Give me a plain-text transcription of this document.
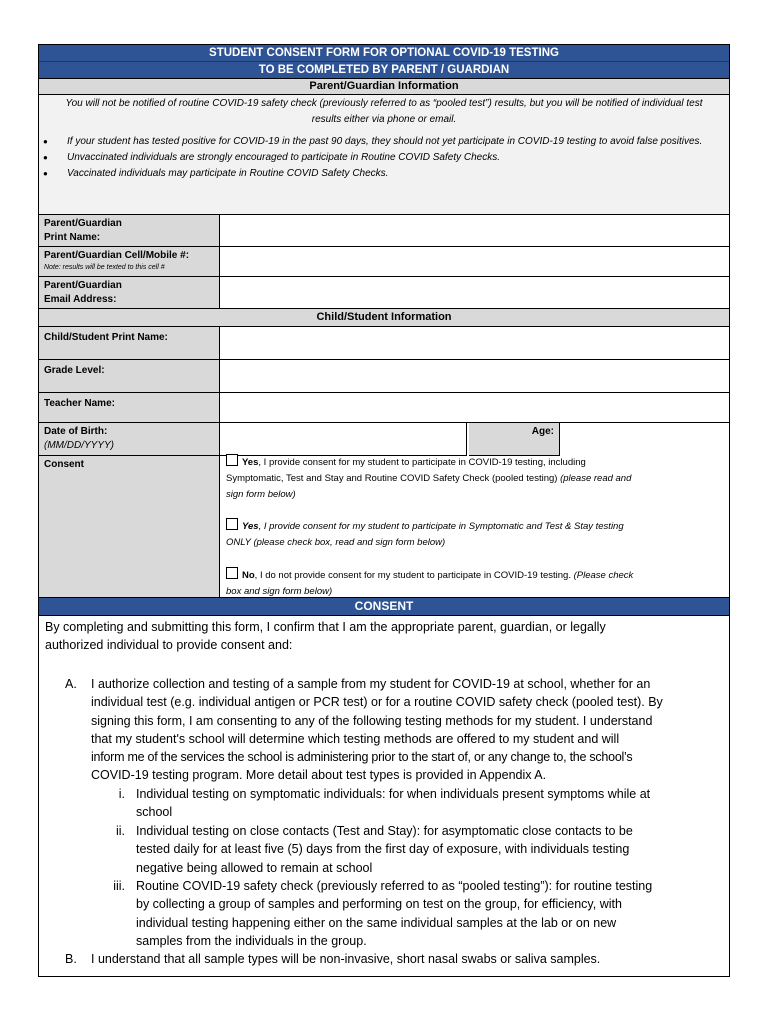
STUDENT CONSENT FORM FOR OPTIONAL COVID-19 TESTING
TO BE COMPLETED BY PARENT / GUARDIAN
Parent/Guardian Information

You will not be notified of routine COVID-19 safety check (previously referred to as “pooled test”) results, but you will be notified of individual test results either via phone or email.

● If your student has tested positive for COVID-19 in the past 90 days, they should not yet participate in COVID-19 testing to avoid false positives.
● Unvaccinated individuals are strongly encouraged to participate in Routine COVID Safety Checks.
● Vaccinated individuals may participate in Routine COVID Safety Checks.
Parent/Guardian
Print Name:
Parent/Guardian Cell/Mobile #:
Note: results will be texted to this cell #
Parent/Guardian
Email Address:
Child/Student Information
Child/Student Print Name:
Grade Level:
Teacher Name:
Date of Birth:
(MM/DD/YYYY)
Age:
Consent	Yes, I provide consent for my student to participate in COVID-19 testing, including
Symptomatic, Test and Stay and Routine COVID Safety Check (pooled testing) (please read and
sign form below)
Yes, I provide consent for my student to participate in Symptomatic and Test & Stay testing
ONLY (please check box, read and sign form below)
No, I do not provide consent for my student to participate in COVID-19 testing. (Please check
box and sign form below)
CONSENT
By completing and submitting this form, I confirm that I am the appropriate parent, guardian, or legally
authorized individual to provide consent and:
A. I authorize collection and testing of a sample from my student for COVID-19 at school, whether for an
individual test (e.g. individual antigen or PCR test) or for a routine COVID safety check (pooled test). By
signing this form, I am consenting to any of the following testing methods for my student. I understand
that my student's school will determine which testing methods are offered to my student and will
inform me of the services the school is administering prior to the start of, or any change to, the school’s
COVID-19 testing program. More detail about test types is provided in Appendix A.
i. Individual testing on symptomatic individuals: for when individuals present symptoms while at
school
ii. Individual testing on close contacts (Test and Stay): for asymptomatic close contacts to be
tested daily for at least five (5) days from the first day of exposure, with individuals testing
negative being allowed to remain at school
iii. Routine COVID-19 safety check (previously referred to as “pooled testing”): for routine testing
by collecting a group of samples and performing on test on the group, for efficiency, with
individual testing happening either on the same individual samples at the lab or on new
samples from the individuals in the group.
B. I understand that all sample types will be non-invasive, short nasal swabs or saliva samples.
